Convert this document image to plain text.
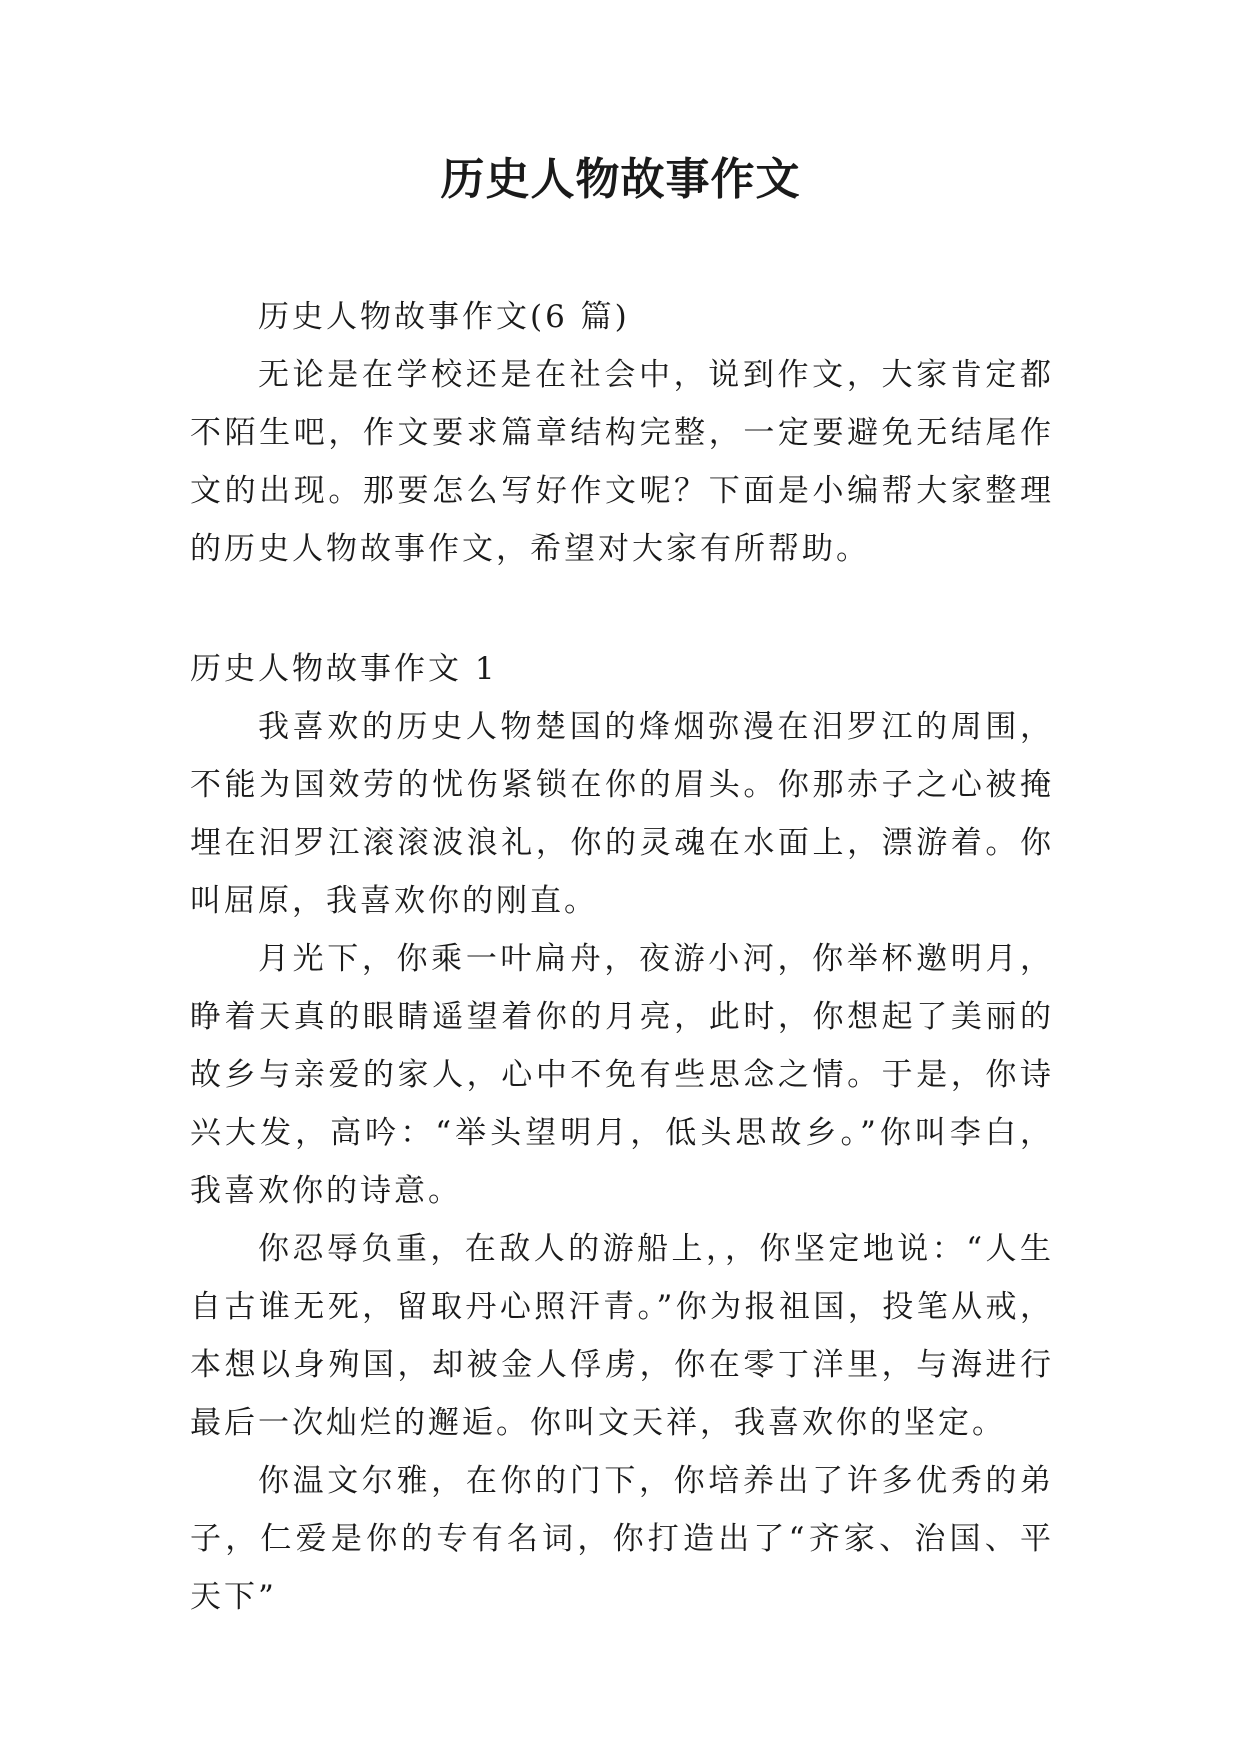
历史人物故事作文

历史人物故事作文(6 篇)

无论是在学校还是在社会中，说到作文，大家肯定都不陌生吧，作文要求篇章结构完整，一定要避免无结尾作文的出现。那要怎么写好作文呢？下面是小编帮大家整理的历史人物故事作文，希望对大家有所帮助。

历史人物故事作文 1

我喜欢的历史人物楚国的烽烟弥漫在汨罗江的周围，不能为国效劳的忧伤紧锁在你的眉头。你那赤子之心被掩埋在汨罗江滚滚波浪礼，你的灵魂在水面上，漂游着。你叫屈原，我喜欢你的刚直。

月光下，你乘一叶扁舟，夜游小河，你举杯邀明月，睁着天真的眼睛遥望着你的月亮，此时，你想起了美丽的故乡与亲爱的家人，心中不免有些思念之情。于是，你诗兴大发，高吟：“举头望明月，低头思故乡。”你叫李白，我喜欢你的诗意。

你忍辱负重，在敌人的游船上，，你坚定地说：“人生自古谁无死，留取丹心照汗青。”你为报祖国，投笔从戒，本想以身殉国，却被金人俘虏，你在零丁洋里，与海进行最后一次灿烂的邂逅。你叫文天祥，我喜欢你的坚定。

你温文尔雅，在你的门下，你培养出了许多优秀的弟子，仁爱是你的专有名词，你打造出了“齐家、治国、平天下”
